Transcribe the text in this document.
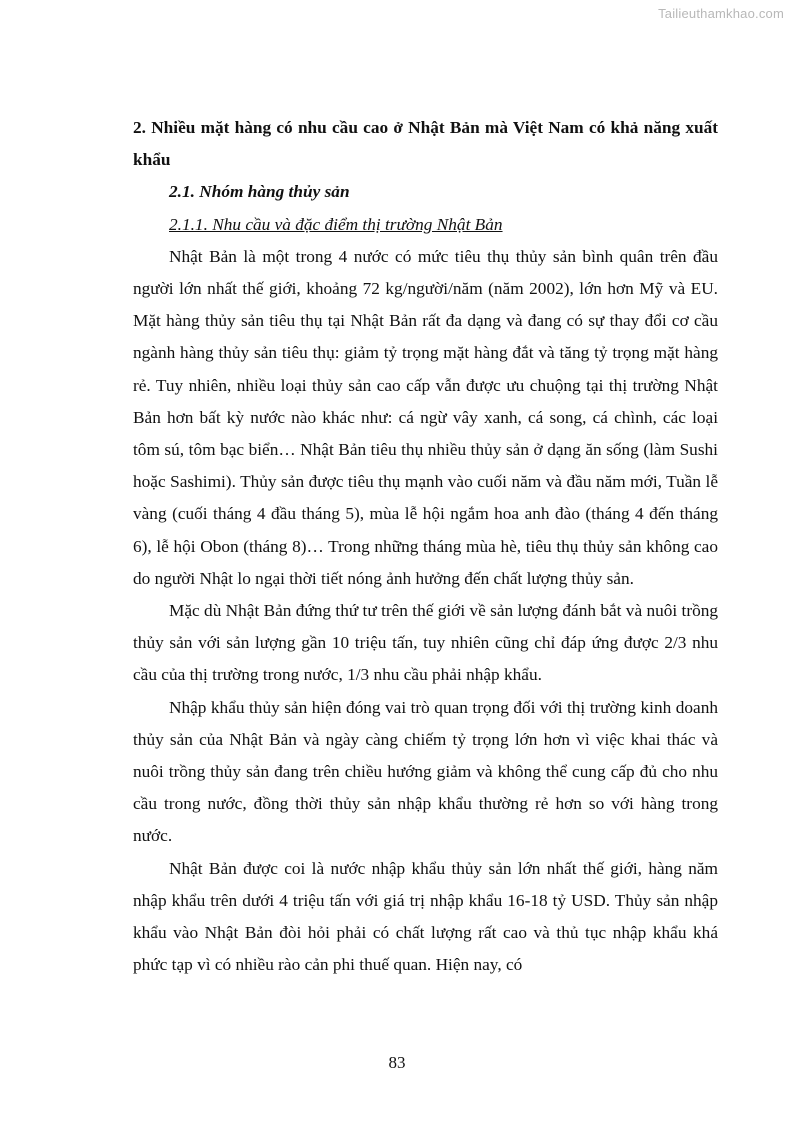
Tailieuthamkhao.com

2. Nhiều mặt hàng có nhu cầu cao ở Nhật Bản mà Việt Nam có khả năng xuất khẩu

2.1. Nhóm hàng thủy sản

2.1.1. Nhu cầu và đặc điểm thị trường Nhật Bản

Nhật Bản là một trong 4 nước có mức tiêu thụ thủy sản bình quân trên đầu người lớn nhất thế giới, khoảng 72 kg/người/năm (năm 2002), lớn hơn Mỹ và EU. Mặt hàng thủy sản tiêu thụ tại Nhật Bản rất đa dạng và đang có sự thay đổi cơ cầu ngành hàng thủy sản tiêu thụ: giảm tỷ trọng mặt hàng đắt và tăng tỷ trọng mặt hàng rẻ. Tuy nhiên, nhiều loại thủy sản cao cấp vẫn được ưu chuộng tại thị trường Nhật Bản hơn bất kỳ nước nào khác như: cá ngừ vây xanh, cá song, cá chình, các loại tôm sú, tôm bạc biển… Nhật Bản tiêu thụ nhiều thủy sản ở dạng ăn sống (làm Sushi hoặc Sashimi). Thủy sản được tiêu thụ mạnh vào cuối năm và đầu năm mới, Tuần lễ vàng (cuối tháng 4 đầu tháng 5), mùa lễ hội ngắm hoa anh đào (tháng 4 đến tháng 6), lễ hội Obon (tháng 8)… Trong những tháng mùa hè, tiêu thụ thủy sản không cao do người Nhật lo ngại thời tiết nóng ảnh hưởng đến chất lượng thủy sản.

Mặc dù Nhật Bản đứng thứ tư trên thế giới về sản lượng đánh bắt và nuôi trồng thủy sản với sản lượng gần 10 triệu tấn, tuy nhiên cũng chỉ đáp ứng được 2/3 nhu cầu của thị trường trong nước, 1/3 nhu cầu phải nhập khẩu.

Nhập khẩu thủy sản hiện đóng vai trò quan trọng đối với thị trường kinh doanh thủy sản của Nhật Bản và ngày càng chiếm tỷ trọng lớn hơn vì việc khai thác và nuôi trồng thủy sản đang trên chiều hướng giảm và không thể cung cấp đủ cho nhu cầu trong nước, đồng thời thủy sản nhập khẩu thường rẻ hơn so với hàng trong nước.

Nhật Bản được coi là nước nhập khẩu thủy sản lớn nhất thế giới, hàng năm nhập khẩu trên dưới 4 triệu tấn với giá trị nhập khẩu 16-18 tỷ USD. Thủy sản nhập khẩu vào Nhật Bản đòi hỏi phải có chất lượng rất cao và thủ tục nhập khẩu khá phức tạp vì có nhiều rào cản phi thuế quan. Hiện nay, có

83
